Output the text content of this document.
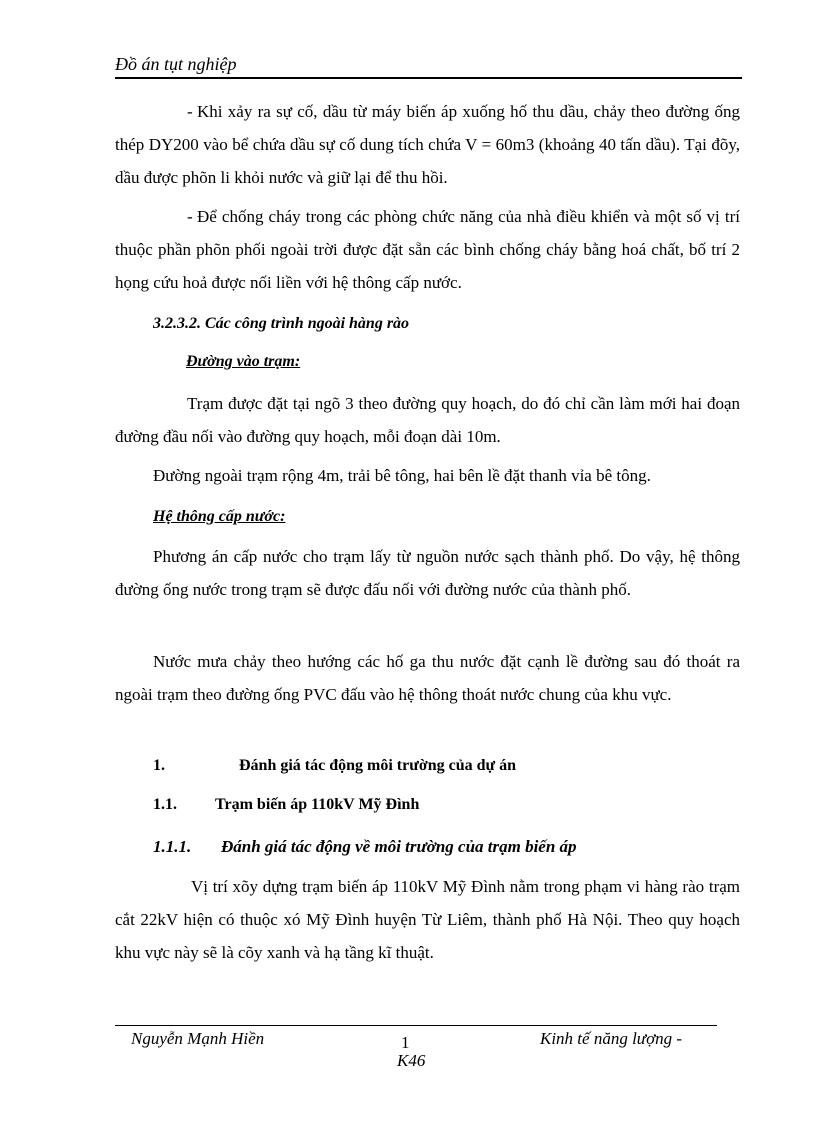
Đồ án tụt nghiệp

- Khi xảy ra sự cố, dầu từ máy biến áp xuống hố thu dầu, chảy theo đường ống thép DY200 vào bể chứa dầu sự cố dung tích chứa V = 60m3 (khoảng 40 tấn dầu). Tại đõy, dầu được phõn li khỏi nước và giữ lại để thu hồi.

- Để chống cháy trong các phòng chức năng của nhà điều khiển và một số vị trí thuộc phần phõn phối ngoài trời được đặt sẵn các bình chống cháy bằng hoá chất, bố trí 2 họng cứu hoả được nối liền với hệ thông cấp nước.

3.2.3.2. Các công trình ngoài hàng rào
Đường vào trạm:

Trạm được đặt tại ngõ 3 theo đường quy hoạch, do đó chỉ cần làm mới hai đoạn đường đầu nối vào đường quy hoạch, mỗi đoạn dài 10m.

Đường ngoài trạm rộng 4m, trải bê tông, hai bên lề đặt thanh vỉa bê tông.

Hệ thông cấp nước:

Phương án cấp nước cho trạm lấy từ nguồn nước sạch thành phố. Do vậy, hệ thông đường ống nước trong trạm sẽ được đấu nối với đường nước của thành phố.

Nước mưa chảy theo hướng các hố ga thu nước đặt cạnh lề đường sau đó thoát ra ngoài trạm theo đường ống PVC đấu vào hệ thông thoát nước chung của khu vực.

1.	Đánh giá tác động môi trường của dự án
1.1. Trạm biến áp 110kV Mỹ Đình
1.1.1. Đánh giá tác động về môi trường của trạm biến áp

Vị trí xõy dựng trạm biến áp 110kV Mỹ Đình nằm trong phạm vi hàng rào trạm cắt 22kV hiện có thuộc xó Mỹ Đình huyện Từ Liêm, thành phố Hà Nội. Theo quy hoạch khu vực này sẽ là cõy xanh và hạ tầng kĩ thuật.

Nguyễn Mạnh Hiền	1	Kinh tế năng lượng -
K46
